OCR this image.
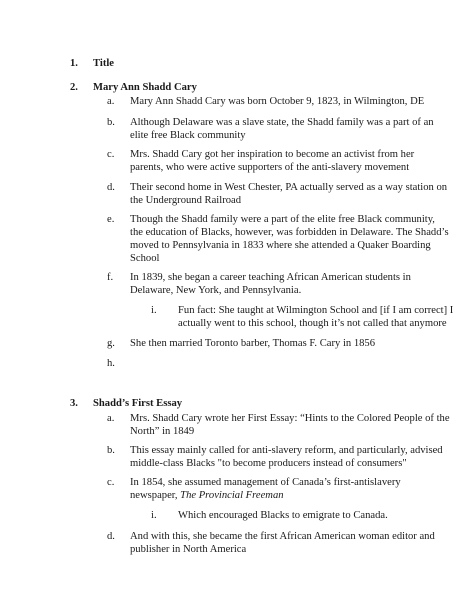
1. Title
2. Mary Ann Shadd Cary
a. Mary Ann Shadd Cary was born October 9, 1823, in Wilmington, DE
b. Although Delaware was a slave state, the Shadd family was a part of an
elite free Black community
c. Mrs. Shadd Cary got her inspiration to become an activist from her
parents, who were active supporters of the anti-slavery movement
d. Their second home in West Chester, PA actually served as a way station on
the Underground Railroad
e. Though the Shadd family were a part of the elite free Black community,
the education of Blacks, however, was forbidden in Delaware. The Shadd’s
moved to Pennsylvania in 1833 where she attended a Quaker Boarding
School
f. In 1839, she began a career teaching African American students in
Delaware, New York, and Pennsylvania.
i. Fun fact: She taught at Wilmington School and [if I am correct] I
actually went to this school, though it’s not called that anymore
g. She then married Toronto barber, Thomas F. Cary in 1856
h.
3. Shadd’s First Essay
a. Mrs. Shadd Cary wrote her First Essay: “Hints to the Colored People of the
North” in 1849
b. This essay mainly called for anti-slavery reform, and particularly, advised
middle-class Blacks "to become producers instead of consumers"
c. In 1854, she assumed management of Canada’s first-antislavery
newspaper, The Provincial Freeman
i. Which encouraged Blacks to emigrate to Canada.
d. And with this, she became the first African American woman editor and
publisher in North America
